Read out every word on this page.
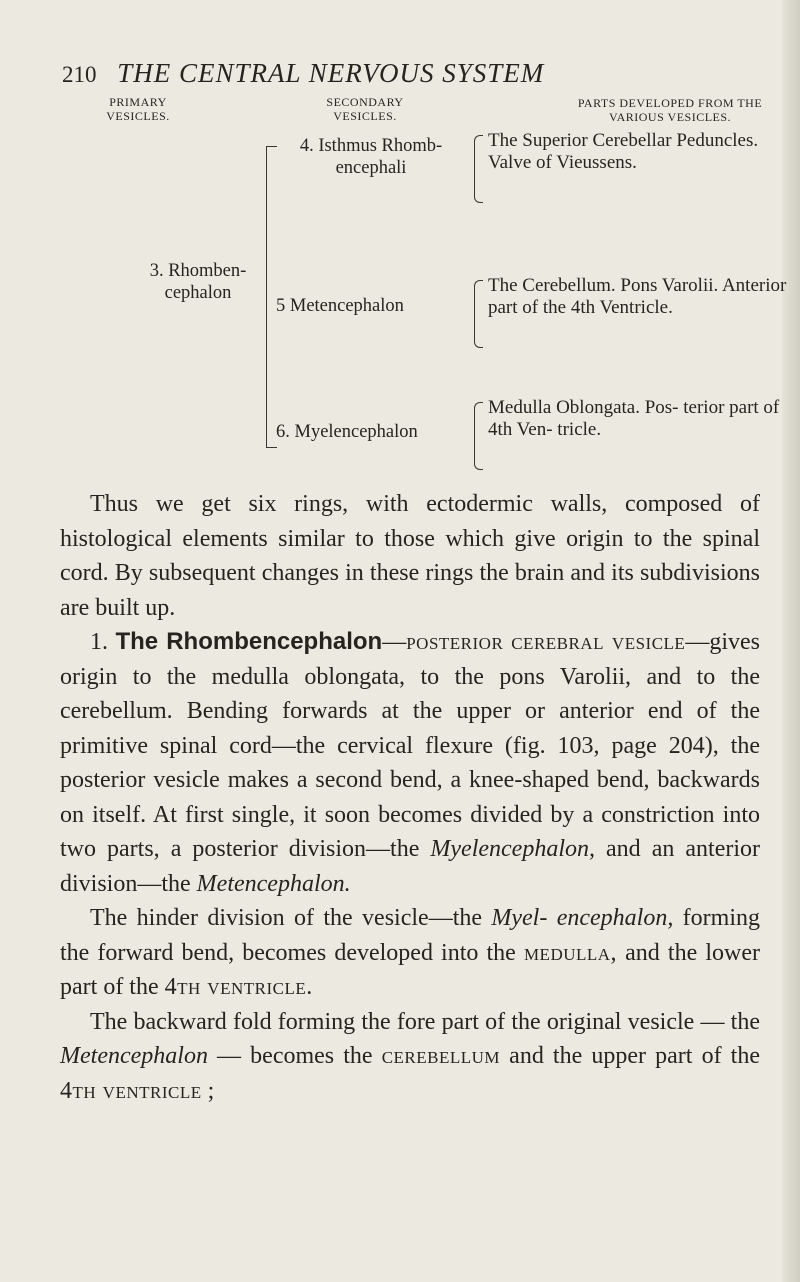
210 THE CENTRAL NERVOUS SYSTEM
PRIMARY VESICLES.
SECONDARY VESICLES.
PARTS DEVELOPED FROM THE VARIOUS VESICLES.
3. Rhomben- cephalon
4. Isthmus Rhomb- encephali
5 Metencephalon
6. Myelencephalon
The Superior Cerebellar Peduncles. Valve of Vieussens.
The Cerebellum. Pons Varolii. Anterior part of the 4th Ventricle.
Medulla Oblongata. Pos- terior part of 4th Ven- tricle.

Thus we get six rings, with ectodermic walls, composed of histological elements similar to those which give origin to the spinal cord. By subsequent changes in these rings the brain and its subdivisions are built up.

1. The Rhombencephalon—posterior cerebral vesicle—gives origin to the medulla oblongata, to the pons Varolii, and to the cerebellum. Bending forwards at the upper or anterior end of the primitive spinal cord—the cervical flexure (fig. 103, page 204), the posterior vesicle makes a second bend, a knee-shaped bend, backwards on itself. At first single, it soon becomes divided by a constriction into two parts, a posterior division—the Myelencephalon, and an anterior division—the Metencephalon.

The hinder division of the vesicle—the Myel- encephalon, forming the forward bend, becomes developed into the medulla, and the lower part of the 4th ventricle.

The backward fold forming the fore part of the original vesicle — the Metencephalon — becomes the cerebellum and the upper part of the 4th ventricle ;
